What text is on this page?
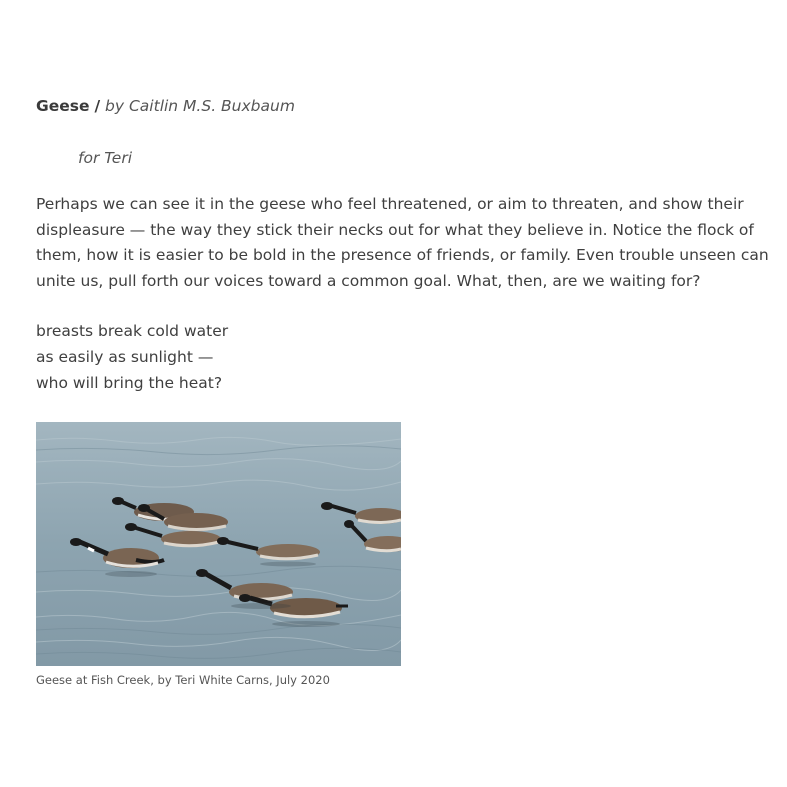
Geese / by Caitlin M.S. Buxbaum

for Teri

Perhaps we can see it in the geese who feel threatened, or aim to threaten, and show their displeasure — the way they stick their necks out for what they believe in. Notice the flock of them, how it is easier to be bold in the presence of friends, or family. Even trouble unseen can unite us, pull forth our voices toward a common goal. What, then, are we waiting for?

breasts break cold water
as easily as sunlight —
who will bring the heat?
Geese at Fish Creek, by Teri White Carns, July 2020
